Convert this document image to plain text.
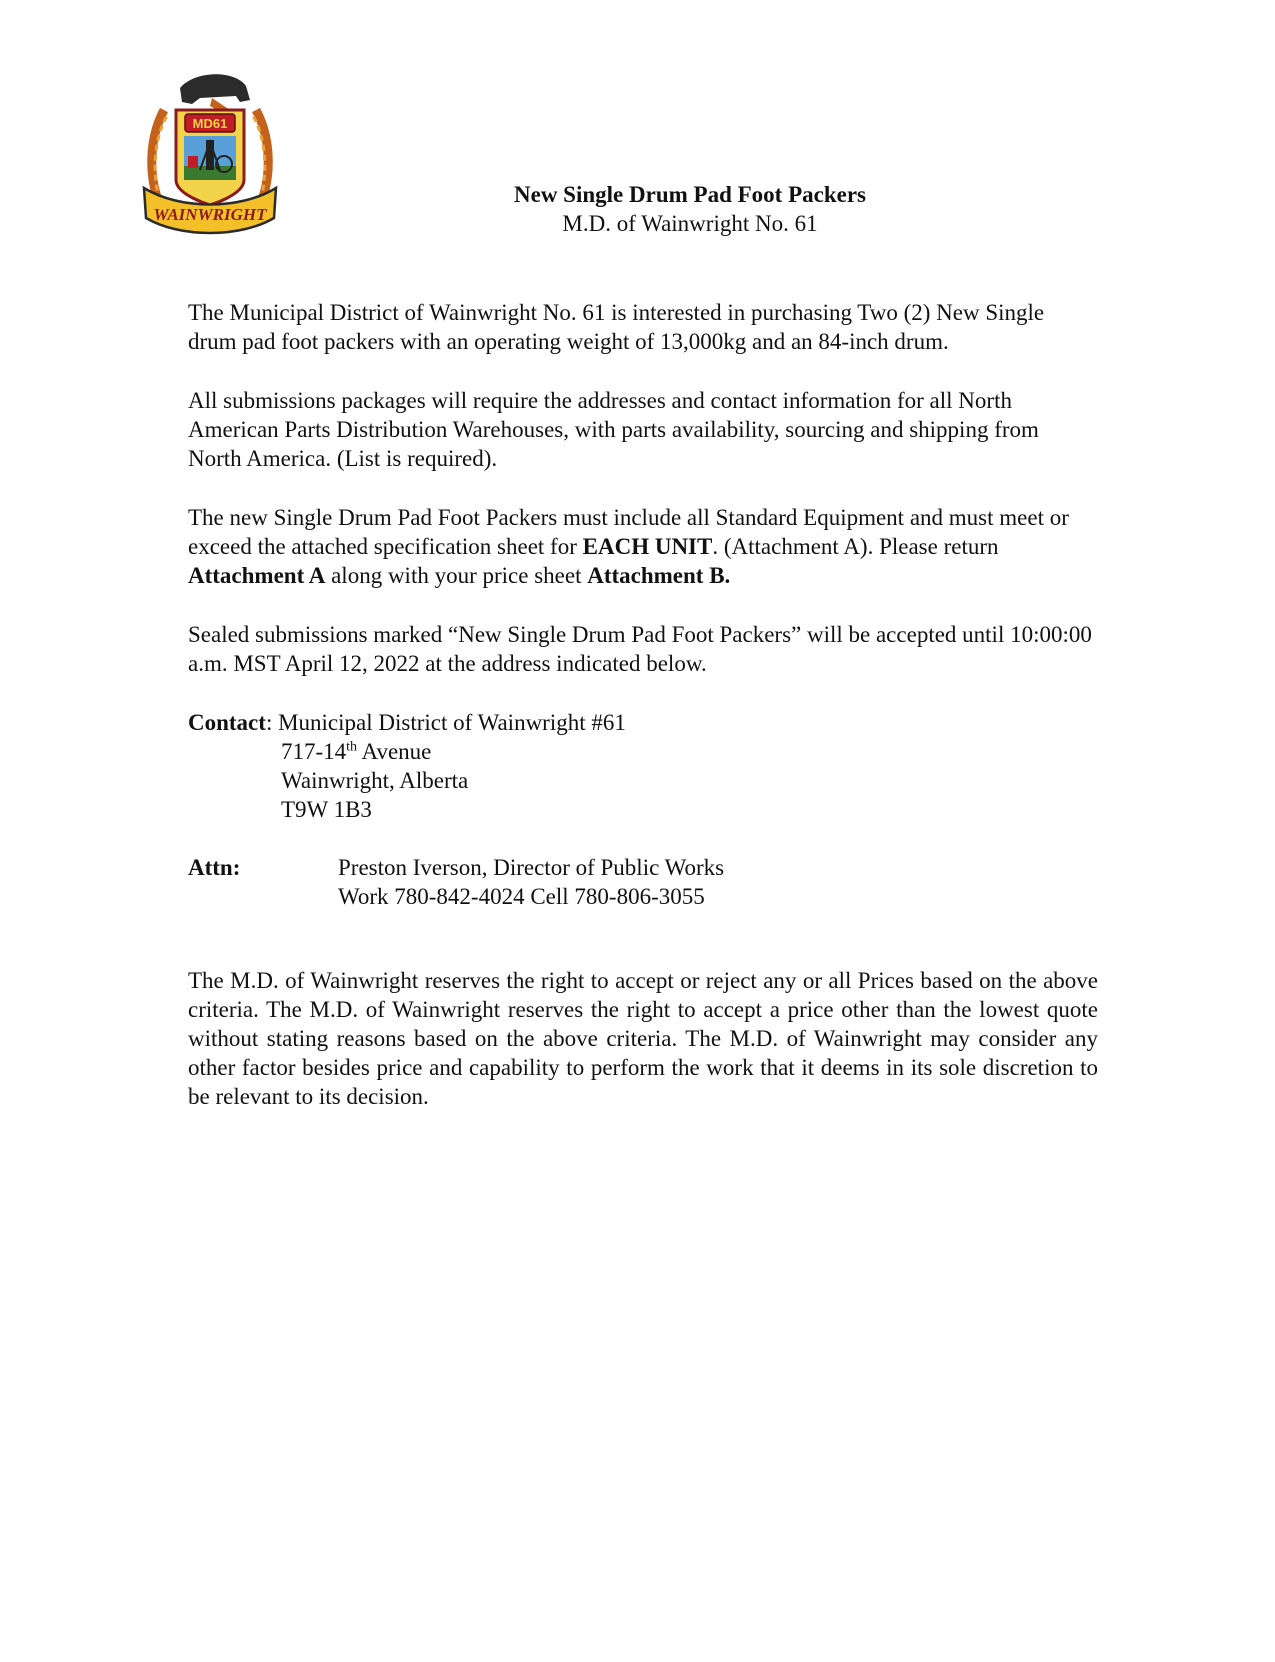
MD61
WAINWRIGHT
New Single Drum Pad Foot Packers
M.D. of Wainwright No. 61
The Municipal District of Wainwright No. 61 is interested in purchasing Two (2) New Single drum pad foot packers with an operating weight of 13,000kg and an 84-inch drum.
All submissions packages will require the addresses and contact information for all North American Parts Distribution Warehouses, with parts availability, sourcing and shipping from North America. (List is required).
The new Single Drum Pad Foot Packers must include all Standard Equipment and must meet or exceed the attached specification sheet for EACH UNIT. (Attachment A). Please return Attachment A along with your price sheet Attachment B.
Sealed submissions marked “New Single Drum Pad Foot Packers” will be accepted until 10:00:00 a.m. MST April 12, 2022 at the address indicated below.
Contact: Municipal District of Wainwright #61
717-14th Avenue
Wainwright, Alberta
T9W 1B3
Attn:	Preston Iverson, Director of Public Works
Work 780-842-4024 Cell 780-806-3055
The M.D. of Wainwright reserves the right to accept or reject any or all Prices based on the above criteria. The M.D. of Wainwright reserves the right to accept a price other than the lowest quote without stating reasons based on the above criteria. The M.D. of Wainwright may consider any other factor besides price and capability to perform the work that it deems in its sole discretion to be relevant to its decision.
